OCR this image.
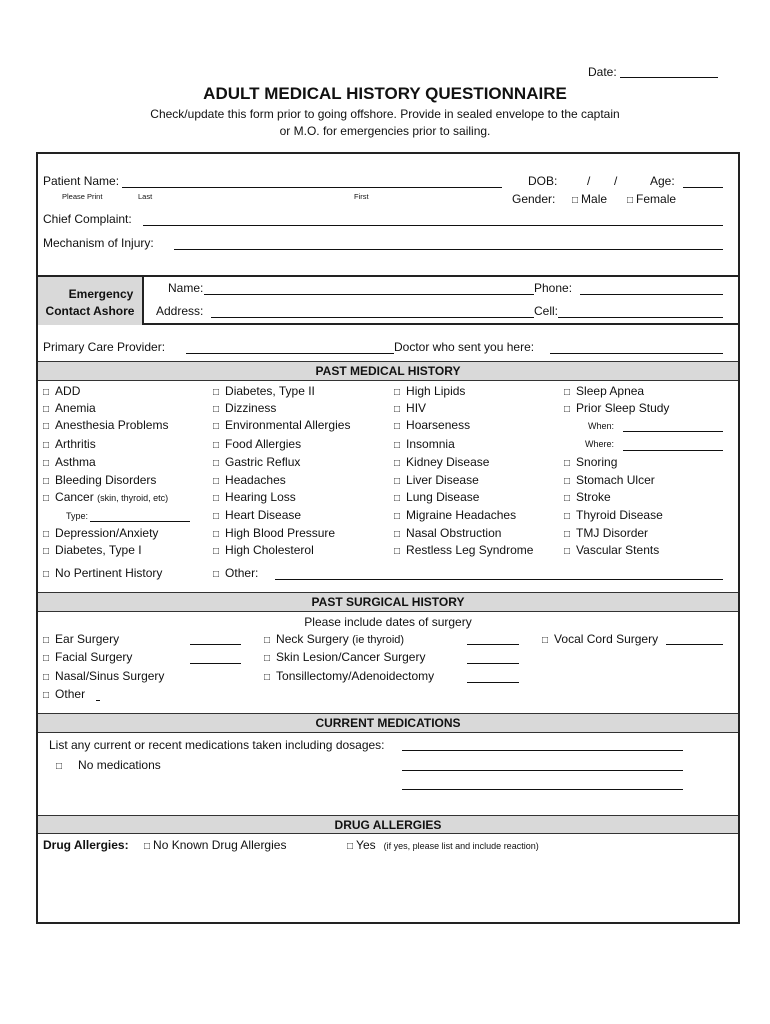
Date:
ADULT MEDICAL HISTORY QUESTIONNAIRE
Check/update this form prior to going offshore. Provide in sealed envelope to the captain
or M.O. for emergencies prior to sailing.
Patient Name:
Please Print	Last	First
DOB: / /	Age:
Gender: □ Male □ Female
Chief Complaint:
Mechanism of Injury:
Emergency
Contact Ashore
Name:	Phone:
Address:	Cell:
Primary Care Provider:	Doctor who sent you here:
PAST MEDICAL HISTORY
□ ADD
□ Anemia
□ Anesthesia Problems
□ Arthritis
□ Asthma
□ Bleeding Disorders
□ Depression/Anxiety
□ Diabetes, Type I
□ Diabetes, Type II
□ Dizziness
□ Environmental Allergies
□ Food Allergies
□ Gastric Reflux
□ Headaches
□ Hearing Loss
□ Heart Disease
□ High Blood Pressure
□ High Cholesterol
□ High Lipids
□ HIV
□ Hoarseness
□ Insomnia
□ Kidney Disease
□ Liver Disease
□ Lung Disease
□ Migraine Headaches
□ Nasal Obstruction
□ Restless Leg Syndrome
□ Snoring
□ Stomach Ulcer
□ Stroke
□ Thyroid Disease
□ TMJ Disorder
□ Vascular Stents
□ Cancer (skin, thyroid, etc)
Type:
□ No Pertinent History	□ Other:
□ Sleep Apnea
□ Prior Sleep Study
When:
Where:
PAST SURGICAL HISTORY
Please include dates of surgery
□ Ear Surgery
□ Facial Surgery
□ Nasal/Sinus Surgery
□ Other
□ Neck Surgery (ie thyroid)
□ Skin Lesion/Cancer Surgery
□ Tonsillectomy/Adenoidectomy
□ Vocal Cord Surgery
CURRENT MEDICATIONS
List any current or recent medications taken including dosages:
□ No medications
DRUG ALLERGIES
Drug Allergies: □ No Known Drug Allergies	□ Yes (if yes, please list and include reaction)
